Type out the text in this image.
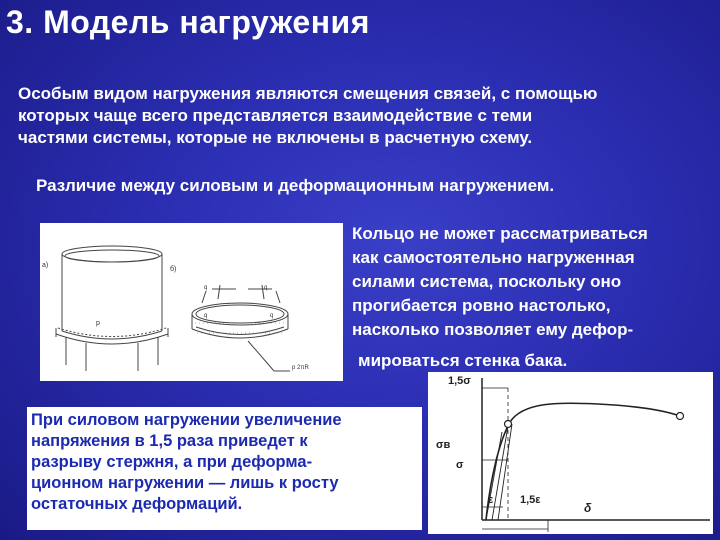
3. Модель нагружения
Особым видом нагружения являются смещения связей, с помощью
которых чаще всего представляется взаимодействие с теми
частями системы, которые не включены в расчетную схему.
Различие между силовым и деформационным нагружением.
а)
б)
p
q	q
q	q
p 2πR
Кольцо не может рассматриваться
как самостоятельно нагруженная
силами система, поскольку оно
прогибается ровно настолько,
насколько позволяет ему дефор-
мироваться стенка бака.
При силовом нагружении увеличение
напряжения в 1,5 раза приведет к
разрыву стержня, а при деформа-
ционном нагружении — лишь к росту
остаточных деформаций.
1,5σ
σв
σ
ε 1,5ε
δ
